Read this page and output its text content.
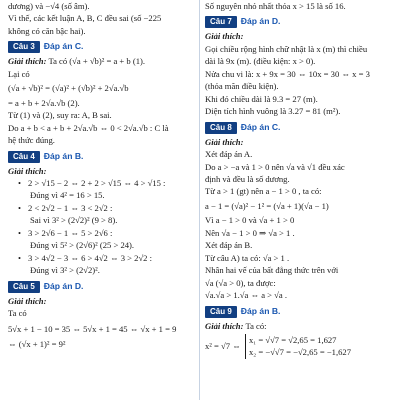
dương) và −√4 (số âm).
Vì thế, các kết luận A, B, C đều sai (số −225
không có căn bậc hai).
Câu 3 Đáp án C.
Giải thích: Ta có (√a + √b)² = a + b (1).
Lại có
(√a + √b)² = (√a)² + (√b)² + 2√a.√b
= a + b + 2√a.√b (2).
Từ (1) và (2), suy ra: A, B sai.
Do a + b < a + b + 2√a.√b ⇔ 0 < 2√a.√b : C là
hệ thức đúng.
Câu 4 Đáp án B.
Giải thích:
• 2 > √15 − 2 ⇔ 2 + 2 > √15 ⇔ 4 > √15 :
Đúng vì 4² = 16 > 15.
• 2 < 2√2 − 1 ⇔ 3 < 2√2 :
Sai vì 3² > (2√2)² (9 > 8).
• 3 > 2√6 − 1 ⇔ 5 > 2√6 :
Đúng vì 5² > (2√6)² (25 > 24).
• 3 > 4√2 − 3 ⇔ 6 > 4√2 ⇔ 3 > 2√2 :
Đúng vì 3² > (2√2)².
Câu 5 Đáp án D.
Giải thích:
Ta có
5√x + 1 − 10 = 35 ⇔ 5√x + 1 = 45 ⇔ √x + 1 = 9
⇔ (√x + 1)² = 9²
Số nguyên nhỏ nhất thỏa x > 15 là số 16.
Câu 7 Đáp án D.
Giải thích:
Gọi chiều rộng hình chữ nhật là x (m) thì chiều
dài là 9x (m). (điều kiện: x > 0).
Nửa chu vi là: x + 9x = 30 ⇔ 10x = 30 ⇔ x = 3
(thỏa mãn điều kiện).
Khi đó chiều dài là 9.3 = 27 (m).
Diện tích hình vuông là 3.27 = 81 (m²).
Câu 8 Đáp án C.
Giải thích:
Xét đáp án A.
Do a > −a và 1 > 0 nên √a và √1 đều xác
định và đều là số dương.
Từ a > 1 (gt) nên a − 1 > 0 , ta có:
a − 1 = (√a)² − 1² = (√a + 1)(√a − 1)
Vì a − 1 > 0 và √a + 1 > 0
Nên √a − 1 > 0 ⇒ √a > 1 .
Xét đáp án B.
Từ câu A) ta có: √a > 1 .
Nhân hai vế của bất đẳng thức trên với
√a (√a > 0), ta được:
√a.√a > 1.√a ⇔ a > √a .
Câu 9 Đáp án B.
Giải thích: Ta có:
x² = √7 ⇔
x₁ = √√7 = √2,65 = 1,627
x₂ = −√√7 = −√2,65 = −1,627
